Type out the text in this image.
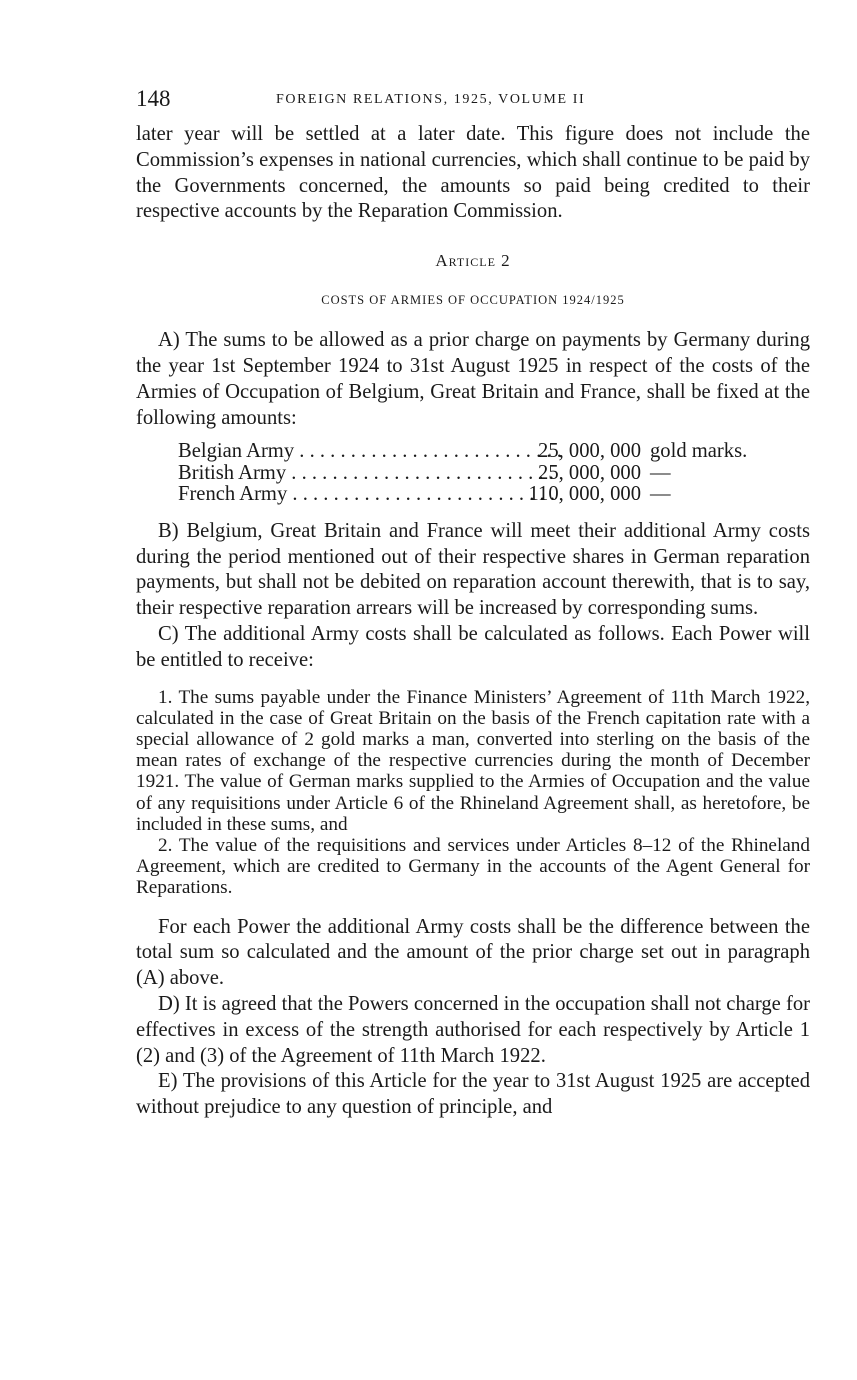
148	FOREIGN RELATIONS, 1925, VOLUME II

later year will be settled at a later date. This figure does not include the Commission’s expenses in national currencies, which shall continue to be paid by the Governments concerned, the amounts so paid being credited to their respective accounts by the Reparation Commission.

Article 2
COSTS OF ARMIES OF OCCUPATION 1924/1925

A) The sums to be allowed as a prior charge on payments by Germany during the year 1st September 1924 to 31st August 1925 in respect of the costs of the Armies of Occupation of Belgium, Great Britain and France, shall be fixed at the following amounts:

Belgian Army . . . . . . . . . . . . . . . . . . . . . . . . . .
25, 000, 000 gold marks.
British Army . . . . . . . . . . . . . . . . . . . . . . . . . .
25, 000, 000 —
French Army . . . . . . . . . . . . . . . . . . . . . . . . . .
110, 000, 000 —

B) Belgium, Great Britain and France will meet their additional Army costs during the period mentioned out of their respective shares in German reparation payments, but shall not be debited on reparation account therewith, that is to say, their respective reparation arrears will be increased by corresponding sums.

C) The additional Army costs shall be calculated as follows. Each Power will be entitled to receive:

1. The sums payable under the Finance Ministers’ Agreement of 11th March 1922, calculated in the case of Great Britain on the basis of the French capitation rate with a special allowance of 2 gold marks a man, converted into sterling on the basis of the mean rates of exchange of the respective currencies during the month of December 1921. The value of German marks supplied to the Armies of Occupation and the value of any requisitions under Article 6 of the Rhineland Agreement shall, as heretofore, be included in these sums, and

2. The value of the requisitions and services under Articles 8–12 of the Rhineland Agreement, which are credited to Germany in the accounts of the Agent General for Reparations.

For each Power the additional Army costs shall be the difference between the total sum so calculated and the amount of the prior charge set out in paragraph (A) above.

D) It is agreed that the Powers concerned in the occupation shall not charge for effectives in excess of the strength authorised for each respectively by Article 1 (2) and (3) of the Agreement of 11th March 1922.

E) The provisions of this Article for the year to 31st August 1925 are accepted without prejudice to any question of principle, and
